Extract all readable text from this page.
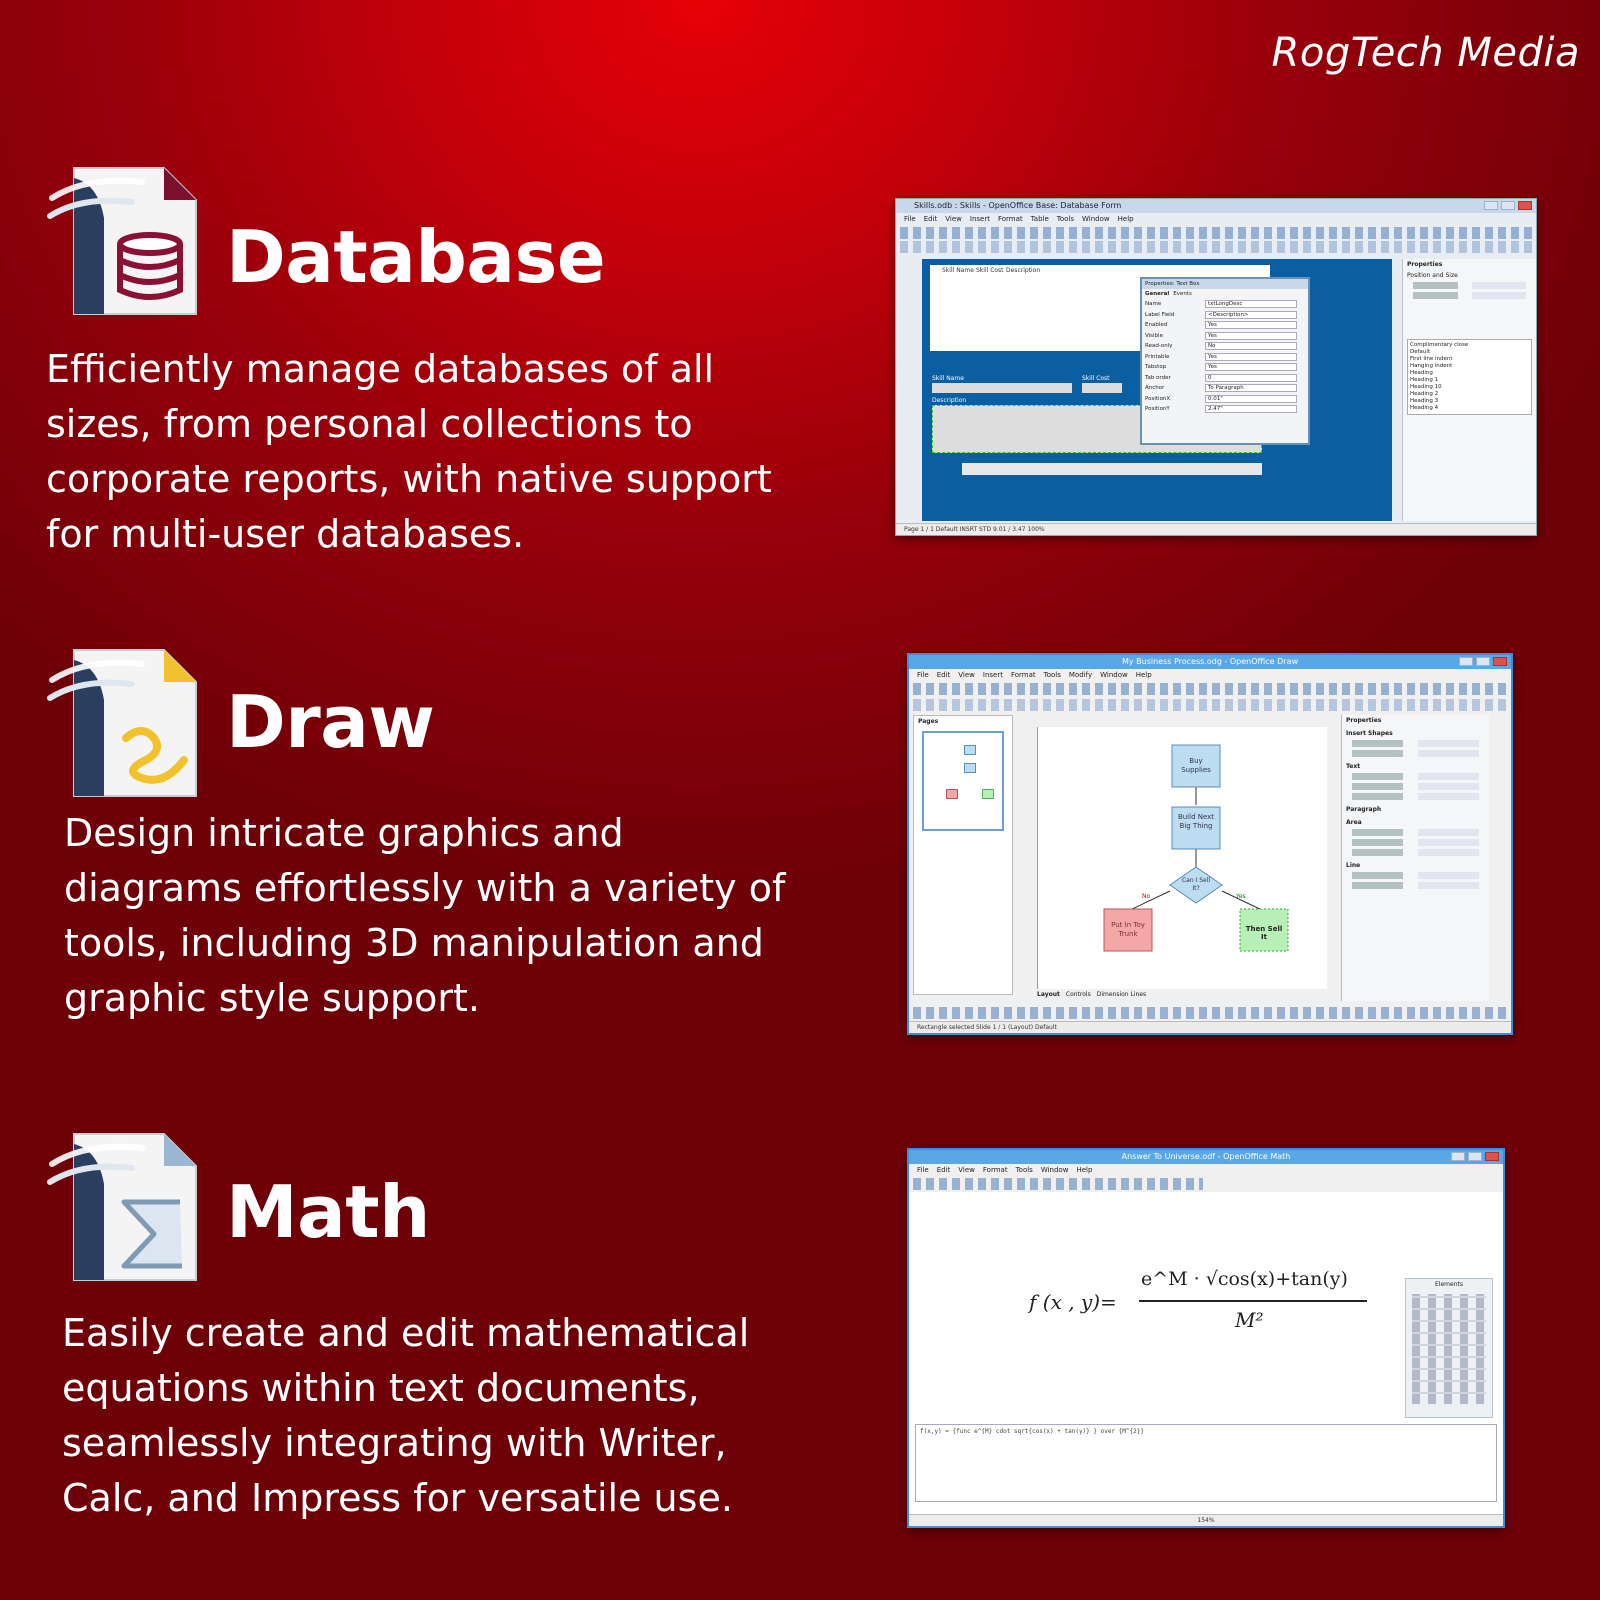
RogTech Media
Database
Efficiently manage databases of all sizes, from personal collections to corporate reports, with native support for multi-user databases.
Skills.odb : Skills - OpenOffice Base: Database Form
File Edit View Insert Format Table Tools Window Help
Skill Name Skill Cost Description
Skill Name	Skill Cost
Description
Properties: Text Box
General Events
Name	txtLongDesc
Label Field	<Description>
Enabled	Yes
Visible	Yes
Read-only	No
Printable	Yes
Tabstop	Yes
Tab order	0
Anchor	To Paragraph
PositionX	0.01"
PositionY	2.47"
Properties
Position and Size
Complimentary close
Default
First line indent
Hanging indent
Heading
Heading 1
Heading 10
Heading 2
Heading 3
Heading 4
Page 1 / 1 Default INSRT STD 9.01 / 3.47 100%
Draw
Design intricate graphics and diagrams effortlessly with a variety of tools, including 3D manipulation and graphic style support.
My Business Process.odg - OpenOffice Draw
File Edit View Insert Format Tools Modify Window Help
Pages
Buy Supplies
Build Next Big Thing
Can I Sell It?
No	Yes
Put In Toy Trunk
Then Sell It
Layout Controls Dimension Lines
Properties
Insert Shapes
Text
Paragraph
Area
Line
Rectangle selected Slide 1 / 1 (Layout) Default
Math
Easily create and edit mathematical equations within text documents, seamlessly integrating with Writer, Calc, and Impress for versatile use.
Answer To Universe.odf - OpenOffice Math
File Edit View Format Tools Window Help
f (x , y)=
e^M · √cos(x)+tan(y)
M²
Elements
f(x,y) = {func e^{M} cdot sqrt{cos(x) + tan(y)} } over {M^{2}}
154%
